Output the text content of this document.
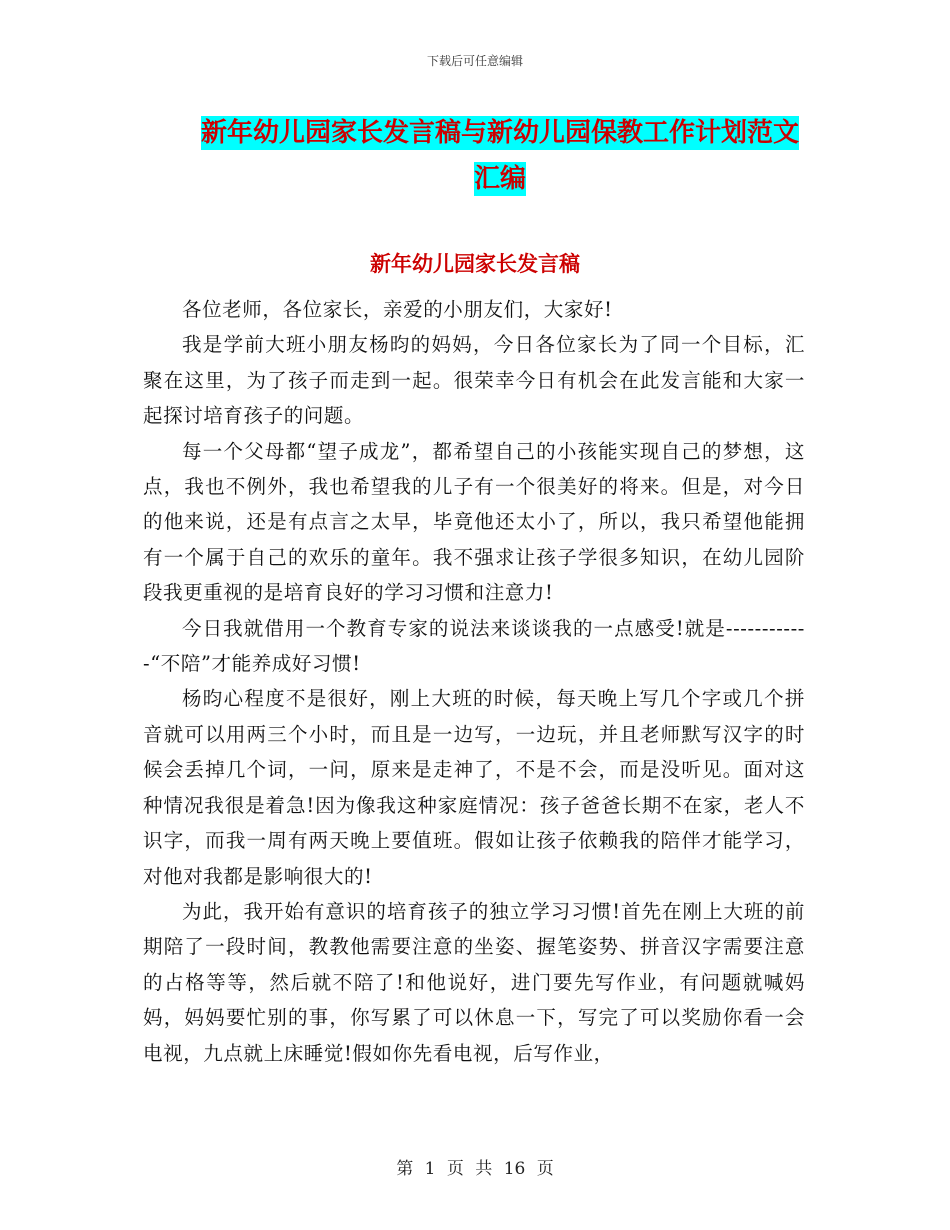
下载后可任意编辑
新年幼儿园家长发言稿与新幼儿园保教工作计划范文
汇编
新年幼儿园家长发言稿

各位老师，各位家长，亲爱的小朋友们，大家好!

我是学前大班小朋友杨昀的妈妈，今日各位家长为了同一个目标，汇聚在这里，为了孩子而走到一起。很荣幸今日有机会在此发言能和大家一起探讨培育孩子的问题。

每一个父母都“望子成龙”，都希望自己的小孩能实现自己的梦想，这点，我也不例外，我也希望我的儿子有一个很美好的将来。但是，对今日的他来说，还是有点言之太早，毕竟他还太小了，所以，我只希望他能拥有一个属于自己的欢乐的童年。我不强求让孩子学很多知识，在幼儿园阶段我更重视的是培育良好的学习习惯和注意力!

今日我就借用一个教育专家的说法来谈谈我的一点感受!就是------------“不陪”才能养成好习惯!

杨昀心程度不是很好，刚上大班的时候，每天晚上写几个字或几个拼音就可以用两三个小时，而且是一边写，一边玩，并且老师默写汉字的时候会丢掉几个词，一问，原来是走神了，不是不会，而是没听见。面对这种情况我很是着急!因为像我这种家庭情况：孩子爸爸长期不在家，老人不识字，而我一周有两天晚上要值班。假如让孩子依赖我的陪伴才能学习，对他对我都是影响很大的!

为此，我开始有意识的培育孩子的独立学习习惯!首先在刚上大班的前期陪了一段时间，教教他需要注意的坐姿、握笔姿势、拼音汉字需要注意的占格等等，然后就不陪了!和他说好，进门要先写作业，有问题就喊妈妈，妈妈要忙别的事，你写累了可以休息一下，写完了可以奖励你看一会电视，九点就上床睡觉!假如你先看电视，后写作业，

第 1 页 共 16 页
